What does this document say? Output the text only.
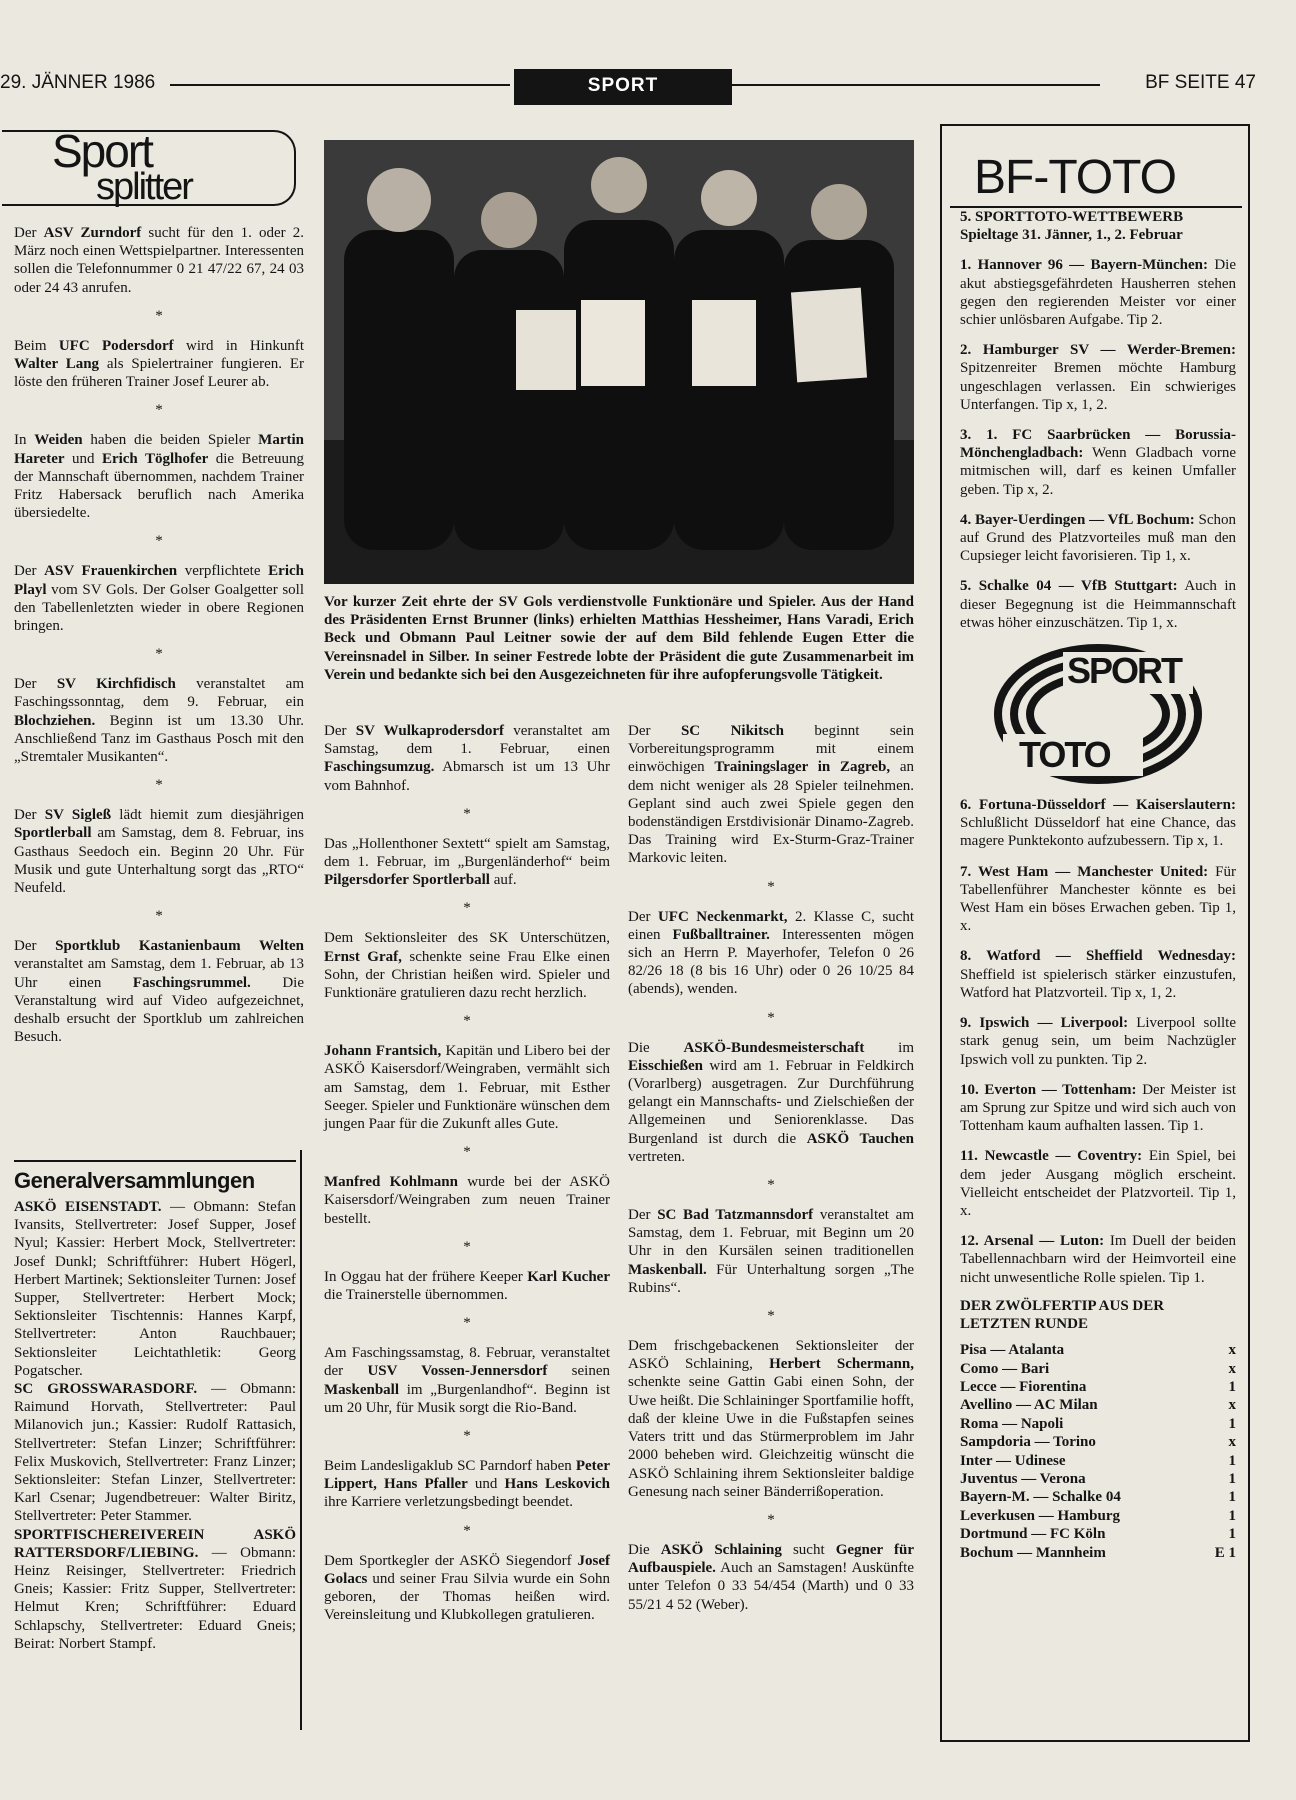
29. JÄNNER 1986	SPORT	BF SEITE 47
Sport
splitter

Der ASV Zurndorf sucht für den 1. oder 2. März noch einen Wettspielpartner. Interessenten sollen die Telefonnummer 0 21 47/22 67, 24 03 oder 24 43 anrufen.

*

Beim UFC Podersdorf wird in Hinkunft Walter Lang als Spielertrainer fungieren. Er löste den früheren Trainer Josef Leurer ab.

*

In Weiden haben die beiden Spieler Martin Hareter und Erich Töglhofer die Betreuung der Mannschaft übernommen, nachdem Trainer Fritz Habersack beruflich nach Amerika übersiedelte.

*

Der ASV Frauenkirchen verpflichtete Erich Playl vom SV Gols. Der Golser Goalgetter soll den Tabellenletzten wieder in obere Regionen bringen.

*

Der SV Kirchfidisch veranstaltet am Faschingssonntag, dem 9. Februar, ein Blochziehen. Beginn ist um 13.30 Uhr. Anschließend Tanz im Gasthaus Posch mit den „Stremtaler Musikanten“.

*

Der SV Sigleß lädt hiemit zum diesjährigen Sportlerball am Samstag, dem 8. Februar, ins Gasthaus Seedoch ein. Beginn 20 Uhr. Für Musik und gute Unterhaltung sorgt das „RTO“ Neufeld.

*

Der Sportklub Kastanienbaum Welten veranstaltet am Samstag, dem 1. Februar, ab 13 Uhr einen Faschingsrummel. Die Veranstaltung wird auf Video aufgezeichnet, deshalb ersucht der Sportklub um zahlreichen Besuch.

Generalversammlungen

ASKÖ EISENSTADT. — Obmann: Stefan Ivansits, Stellvertreter: Josef Supper, Josef Nyul; Kassier: Herbert Mock, Stellvertreter: Josef Dunkl; Schriftführer: Hubert Högerl, Herbert Martinek; Sektionsleiter Turnen: Josef Supper, Stellvertreter: Herbert Mock; Sektionsleiter Tischtennis: Hannes Karpf, Stellvertreter: Anton Rauchbauer; Sektionsleiter Leichtathletik: Georg Pogatscher.

SC GROSSWARASDORF. — Obmann: Raimund Horvath, Stellvertreter: Paul Milanovich jun.; Kassier: Rudolf Rattasich, Stellvertreter: Stefan Linzer; Schriftführer: Felix Muskovich, Stellvertreter: Franz Linzer; Sektionsleiter: Stefan Linzer, Stellvertreter: Karl Csenar; Jugendbetreuer: Walter Biritz, Stellvertreter: Peter Stammer.

SPORTFISCHEREIVEREIN ASKÖ RATTERSDORF/LIEBING. — Obmann: Heinz Reisinger, Stellvertreter: Friedrich Gneis; Kassier: Fritz Supper, Stellvertreter: Helmut Kren; Schriftführer: Eduard Schlapschy, Stellvertreter: Eduard Gneis; Beirat: Norbert Stampf.

Vor kurzer Zeit ehrte der SV Gols verdienstvolle Funktionäre und Spieler. Aus der Hand des Präsidenten Ernst Brunner (links) erhielten Matthias Hessheimer, Hans Varadi, Erich Beck und Obmann Paul Leitner sowie der auf dem Bild fehlende Eugen Etter die Vereinsnadel in Silber. In seiner Festrede lobte der Präsident die gute Zusammenarbeit im Verein und bedankte sich bei den Ausgezeichneten für ihre aufopferungsvolle Tätigkeit.

Der SV Wulkaprodersdorf veranstaltet am Samstag, dem 1. Februar, einen Faschingsumzug. Abmarsch ist um 13 Uhr vom Bahnhof.

*

Das „Hollenthoner Sextett“ spielt am Samstag, dem 1. Februar, im „Burgenländerhof“ beim Pilgersdorfer Sportlerball auf.

*

Dem Sektionsleiter des SK Unterschützen, Ernst Graf, schenkte seine Frau Elke einen Sohn, der Christian heißen wird. Spieler und Funktionäre gratulieren dazu recht herzlich.

*

Johann Frantsich, Kapitän und Libero bei der ASKÖ Kaisersdorf/Weingraben, vermählt sich am Samstag, dem 1. Februar, mit Esther Seeger. Spieler und Funktionäre wünschen dem jungen Paar für die Zukunft alles Gute.

*

Manfred Kohlmann wurde bei der ASKÖ Kaisersdorf/Weingraben zum neuen Trainer bestellt.

*

In Oggau hat der frühere Keeper Karl Kucher die Trainerstelle übernommen.

*

Am Faschingssamstag, 8. Februar, veranstaltet der USV Vossen-Jennersdorf seinen Maskenball im „Burgenlandhof“. Beginn ist um 20 Uhr, für Musik sorgt die Rio-Band.

*

Beim Landesligaklub SC Parndorf haben Peter Lippert, Hans Pfaller und Hans Leskovich ihre Karriere verletzungsbedingt beendet.

*

Dem Sportkegler der ASKÖ Siegendorf Josef Golacs und seiner Frau Silvia wurde ein Sohn geboren, der Thomas heißen wird. Vereinsleitung und Klubkollegen gratulieren.

Der SC Nikitsch beginnt sein Vorbereitungsprogramm mit einem einwöchigen Trainingslager in Zagreb, an dem nicht weniger als 28 Spieler teilnehmen. Geplant sind auch zwei Spiele gegen den bodenständigen Erstdivisionär Dinamo-Zagreb. Das Training wird Ex-Sturm-Graz-Trainer Markovic leiten.

*

Der UFC Neckenmarkt, 2. Klasse C, sucht einen Fußballtrainer. Interessenten mögen sich an Herrn P. Mayerhofer, Telefon 0 26 82/26 18 (8 bis 16 Uhr) oder 0 26 10/25 84 (abends), wenden.

*

Die ASKÖ-Bundesmeisterschaft im Eisschießen wird am 1. Februar in Feldkirch (Vorarlberg) ausgetragen. Zur Durchführung gelangt ein Mannschafts- und Zielschießen der Allgemeinen und Seniorenklasse. Das Burgenland ist durch die ASKÖ Tauchen vertreten.

*

Der SC Bad Tatzmannsdorf veranstaltet am Samstag, dem 1. Februar, mit Beginn um 20 Uhr in den Kursälen seinen traditionellen Maskenball. Für Unterhaltung sorgen „The Rubins“.

*

Dem frischgebackenen Sektionsleiter der ASKÖ Schlaining, Herbert Schermann, schenkte seine Gattin Gabi einen Sohn, der Uwe heißt. Die Schlaininger Sportfamilie hofft, daß der kleine Uwe in die Fußstapfen seines Vaters tritt und das Stürmerproblem im Jahr 2000 beheben wird. Gleichzeitig wünscht die ASKÖ Schlaining ihrem Sektionsleiter baldige Genesung nach seiner Bänderrißoperation.

*

Die ASKÖ Schlaining sucht Gegner für Aufbauspiele. Auch an Samstagen! Auskünfte unter Telefon 0 33 54/454 (Marth) und 0 33 55/21 4 52 (Weber).

BF-TOTO
5. SPORTTOTO-WETTBEWERB
Spieltage 31. Jänner, 1., 2. Februar

1. Hannover 96 — Bayern-München: Die akut abstiegsgefährdeten Hausherren stehen gegen den regierenden Meister vor einer schier unlösbaren Aufgabe. Tip 2.

2. Hamburger SV — Werder-Bremen: Spitzenreiter Bremen möchte Hamburg ungeschlagen verlassen. Ein schwieriges Unterfangen. Tip x, 1, 2.

3. 1. FC Saarbrücken — Borussia-Mönchengladbach: Wenn Gladbach vorne mitmischen will, darf es keinen Umfaller geben. Tip x, 2.

4. Bayer-Uerdingen — VfL Bochum: Schon auf Grund des Platzvorteiles muß man den Cupsieger leicht favorisieren. Tip 1, x.

5. Schalke 04 — VfB Stuttgart: Auch in dieser Begegnung ist die Heimmannschaft etwas höher einzuschätzen. Tip 1, x.

SPORT
TOTO

6. Fortuna-Düsseldorf — Kaiserslautern: Schlußlicht Düsseldorf hat eine Chance, das magere Punktekonto aufzubessern. Tip x, 1.

7. West Ham — Manchester United: Für Tabellenführer Manchester könnte es bei West Ham ein böses Erwachen geben. Tip 1, x.

8. Watford — Sheffield Wednesday: Sheffield ist spielerisch stärker einzustufen, Watford hat Platzvorteil. Tip x, 1, 2.

9. Ipswich — Liverpool: Liverpool sollte stark genug sein, um beim Nachzügler Ipswich voll zu punkten. Tip 2.

10. Everton — Tottenham: Der Meister ist am Sprung zur Spitze und wird sich auch von Tottenham kaum aufhalten lassen. Tip 1.

11. Newcastle — Coventry: Ein Spiel, bei dem jeder Ausgang möglich erscheint. Vielleicht entscheidet der Platzvorteil. Tip 1, x.

12. Arsenal — Luton: Im Duell der beiden Tabellennachbarn wird der Heimvorteil eine nicht unwesentliche Rolle spielen. Tip 1.

DER ZWÖLFERTIP AUS DER LETZTEN RUNDE
Pisa — Atalanta	x
Como — Bari	x
Lecce — Fiorentina	1
Avellino — AC Milan	x
Roma — Napoli	1
Sampdoria — Torino	x
Inter — Udinese	1
Juventus — Verona	1
Bayern-M. — Schalke 04	1
Leverkusen — Hamburg	1
Dortmund — FC Köln	1
Bochum — Mannheim	E 1
